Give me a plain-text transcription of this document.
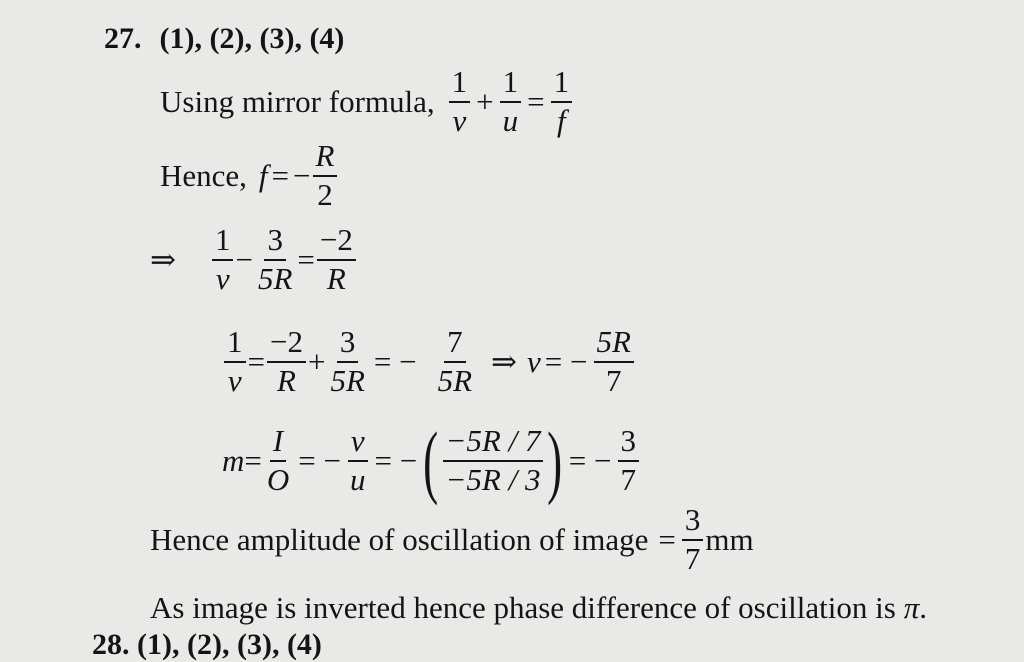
27. (1), (2), (3), (4)
Using mirror formula, $\frac{1}{v} + \frac{1}{u} = \frac{1}{f}$
Hence, f = − $\frac{R}{2}$
⇒ $\frac{1}{v} - \frac{3}{5R} = \frac{-2}{R}$
$\frac{1}{v} = \frac{-2}{R} + \frac{3}{5R}$ = − $\frac{7}{5R}$ ⇒ v = − $\frac{5R}{7}$
$m = \frac{I}{O}$ = − $\frac{v}{u}$ = − ( $\frac{-5R / 7}{-5R / 3}$ ) = − $\frac{3}{7}$
Hence amplitude of oscillation of image = $\frac{3}{7}$ mm
As image is inverted hence phase difference of oscillation is π .
28. (1), (2), (3), (4)
